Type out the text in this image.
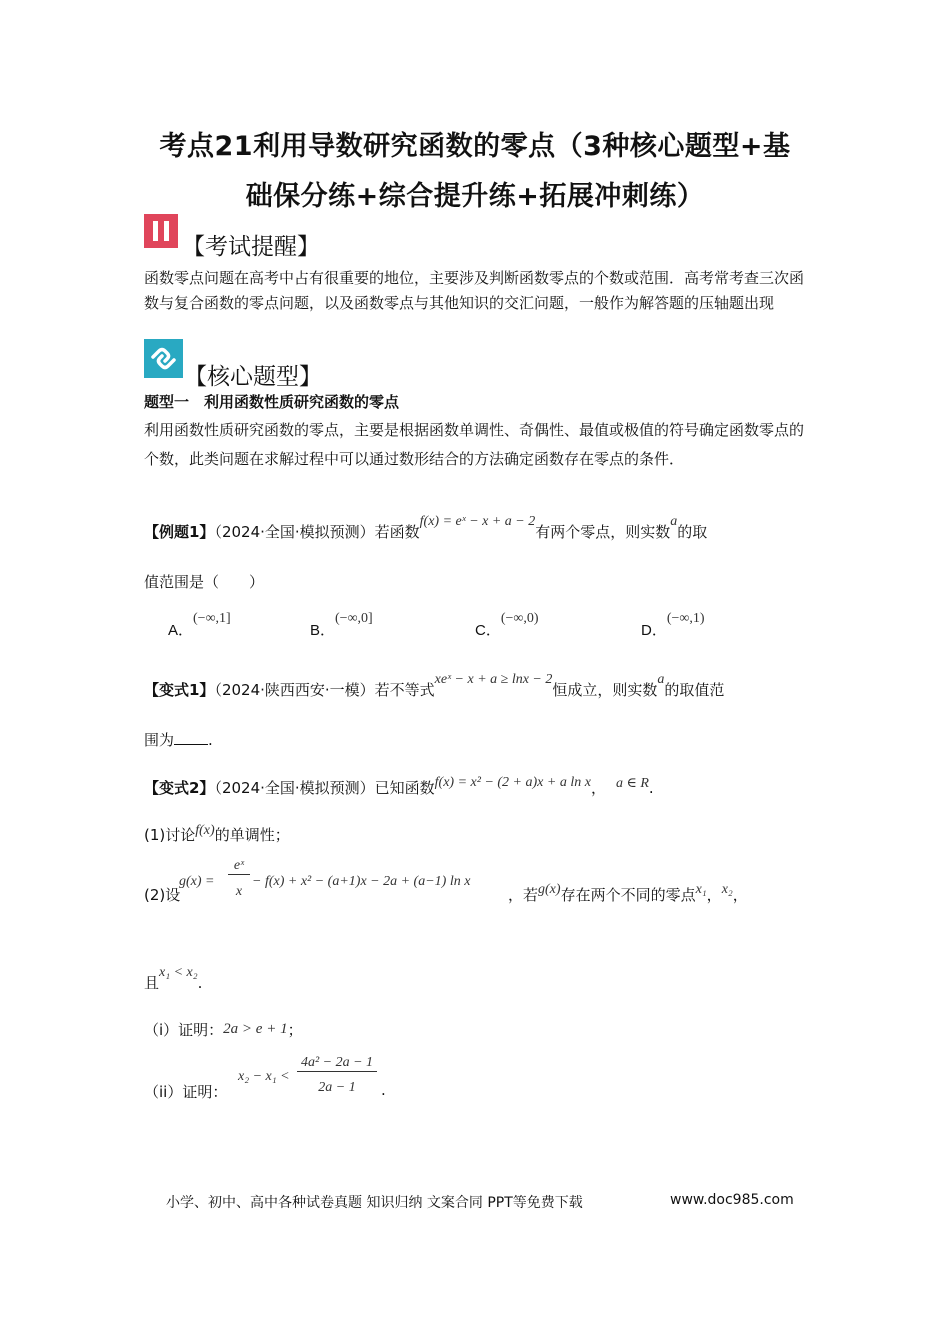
考点21利用导数研究函数的零点（3种核心题型+基
础保分练+综合提升练+拓展冲刺练）
【考试提醒】
函数零点问题在高考中占有很重要的地位，主要涉及判断函数零点的个数或范围．高考常考查三次函数与复合函数的零点问题，以及函数零点与其他知识的交汇问题，一般作为解答题的压轴题出现
【核心题型】
题型一　利用函数性质研究函数的零点
利用函数性质研究函数的零点，主要是根据函数单调性、奇偶性、最值或极值的符号确定函数零点的个数，此类问题在求解过程中可以通过数形结合的方法确定函数存在零点的条件．
【例题1】（2024·全国·模拟预测）若函数f(x) = eˣ − x + a − 2有两个零点，则实数a的取
值范围是（　　）
A．(−∞,1]
B．(−∞,0]
C．(−∞,0)
D．(−∞,1)
【变式1】（2024·陕西西安·一模）若不等式xeˣ − x + a ≥ lnx − 2恒成立，则实数a的取值范
围为 .
【变式2】（2024·全国·模拟预测）已知函数f(x) = x² − (2 + a)x + a ln x， a ∈ R.
(1)讨论f(x)的单调性；
(2)设
g(x) =
eˣ
x
− f(x) + x² − (a+1)x − 2a + (a−1) ln x
，若g(x)存在两个不同的零点x₁，x₂，
且x₁ < x₂.
（i）证明：2a > e + 1；
（ii）证明：
x₂ − x₁ <
4a² − 2a − 1
2a − 1	.
小学、初中、高中各种试卷真题 知识归纳 文案合同 PPT等免费下载	www.doc985.com
